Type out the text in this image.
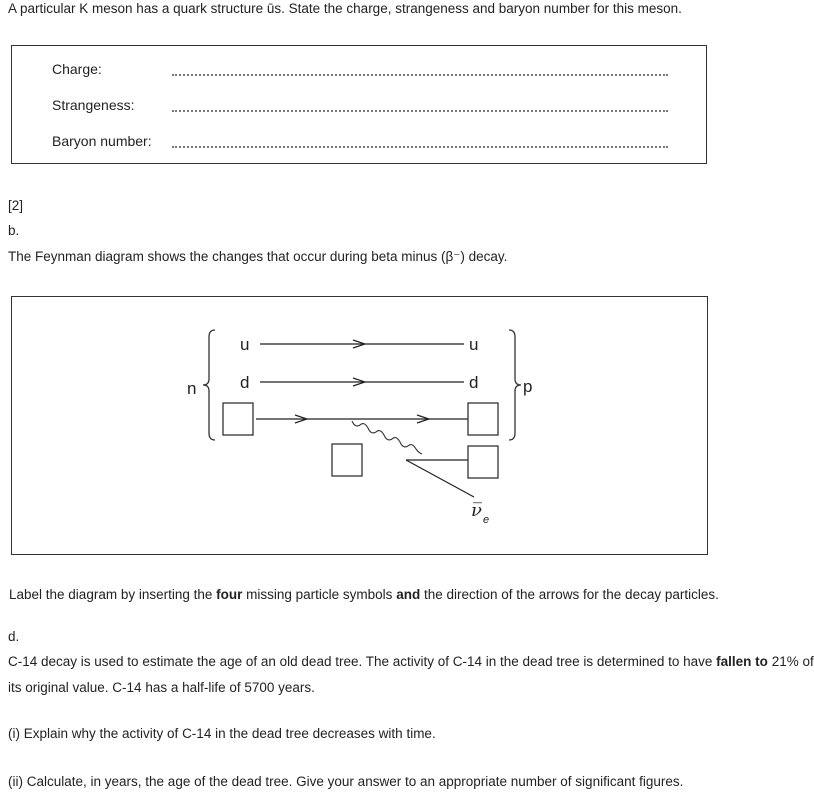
A particular K meson has a quark structure ūs. State the charge, strangeness and baryon number for this meson.
Charge:
Strangeness:
Baryon number:
[2]
b.
The Feynman diagram shows the changes that occur during beta minus (β⁻) decay.
u
d
u
d
n	p
ν̅ e
Label the diagram by inserting the four missing particle symbols and the direction of the arrows for the decay particles.
d.
C-14 decay is used to estimate the age of an old dead tree. The activity of C-14 in the dead tree is determined to have fallen to 21% of
its original value. C-14 has a half-life of 5700 years.
(i) Explain why the activity of C-14 in the dead tree decreases with time.
(ii) Calculate, in years, the age of the dead tree. Give your answer to an appropriate number of significant figures.
